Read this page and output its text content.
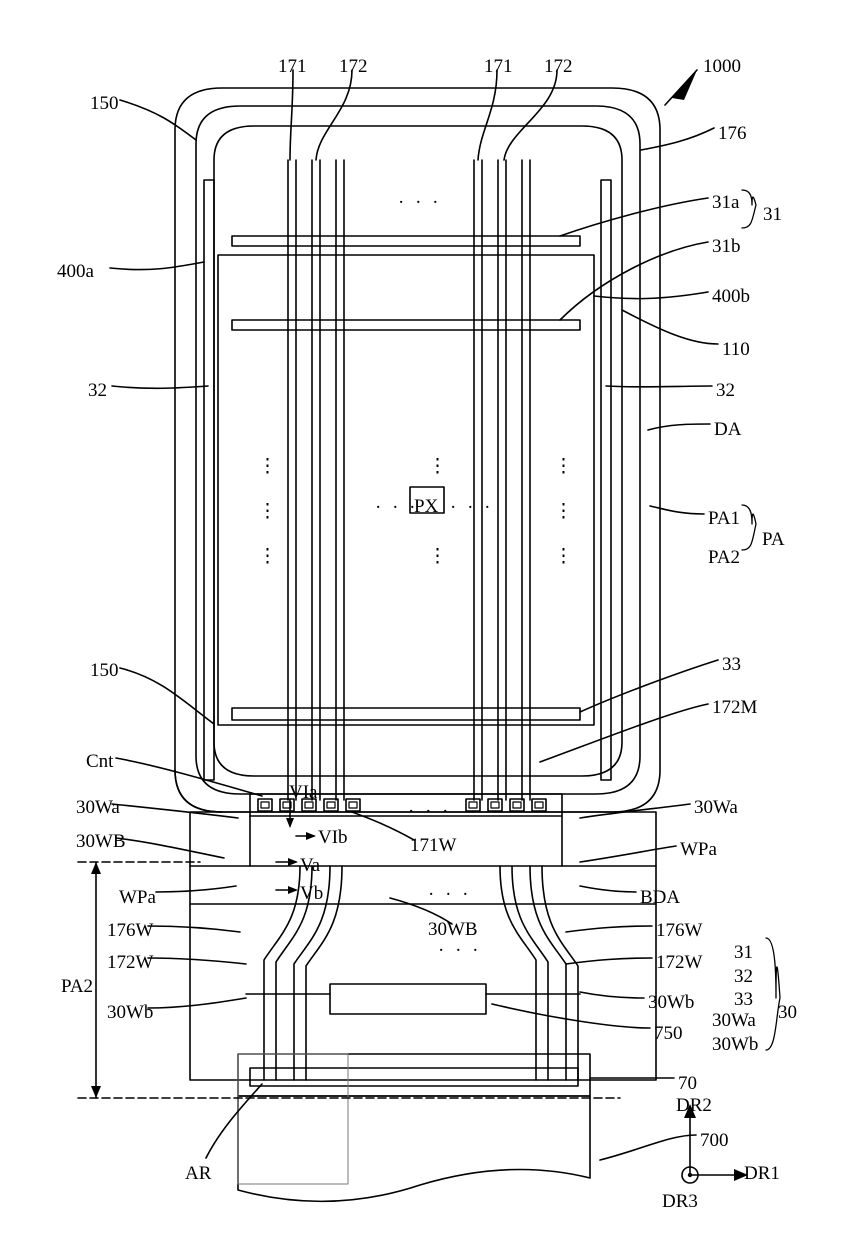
171 172	171 172	1000
150
176
31a
31
31b
400a
400b
110
32	32
DA
PA1
PA
PA2
PX
150	33
172M
Cnt
VIa
30Wa	30Wa
30WB	VIb	171W	WPa
Va
WPa	Vb	BDA
176W	30WB	176W
172W	172W 31
32
33
30
PA2
30Wb	30Wb
30Wa
750
30Wb
70
700
AR
· · ·
· · · · · ·
⋮
⋮
⋮
⋮
⋮
⋮
⋮
⋮
· · ·
· · ·
· · ·
DR2
DR1
DR3
